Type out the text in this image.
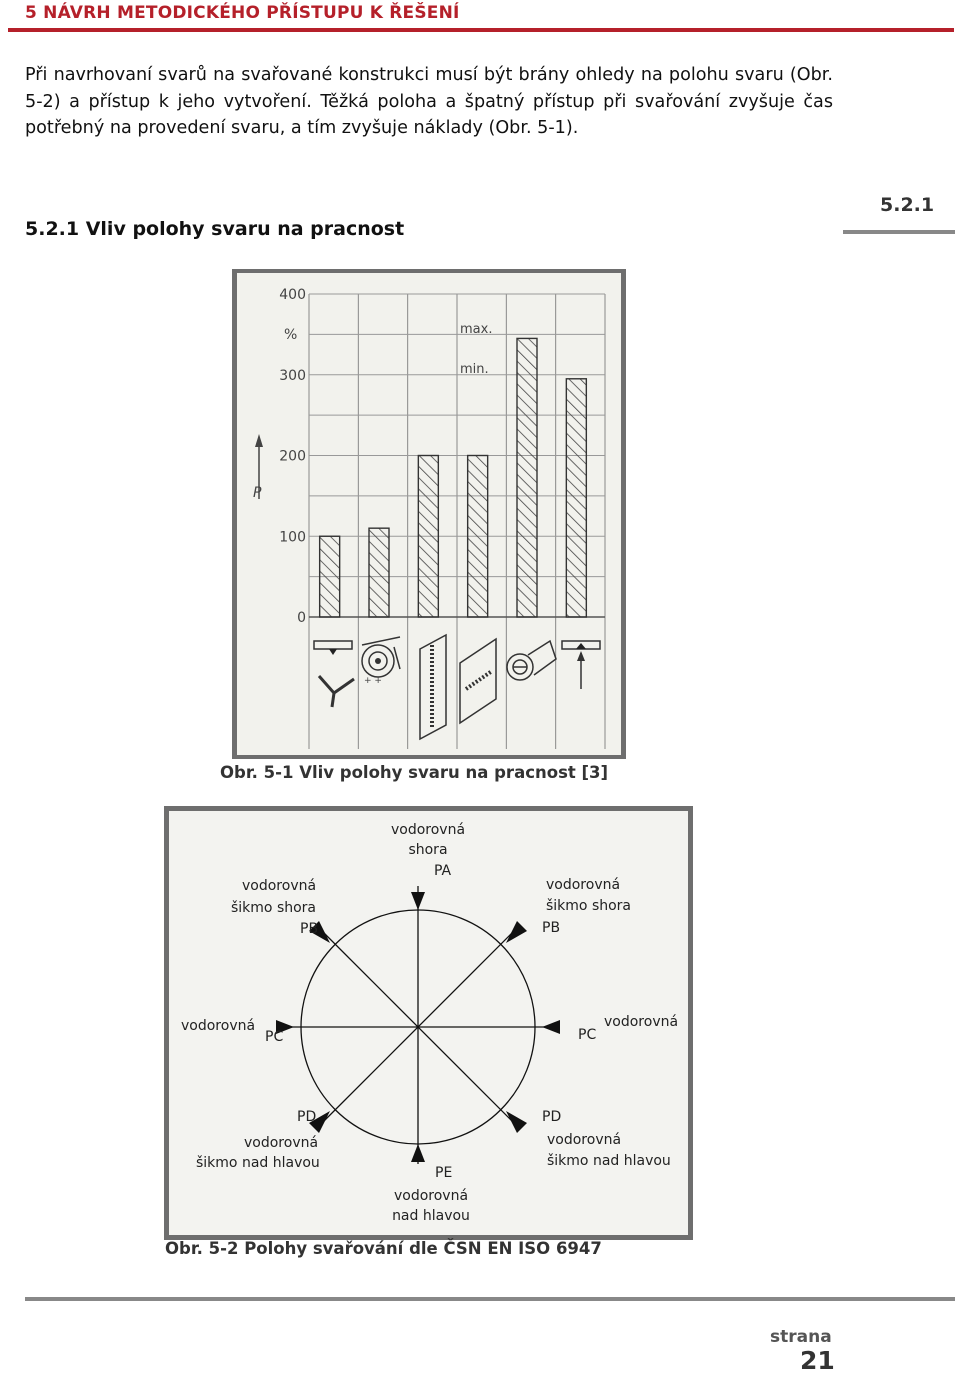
5 NÁVRH METODICKÉHO PŘÍSTUPU K ŘEŠENÍ

Při navrhovaní svarů na svařované konstrukci musí být brány ohledy na polohu svaru (Obr. 5-2) a přístup k jeho vytvoření. Těžká poloha a špatný přístup při svařování zvyšuje čas potřebný na provedení svaru, a tím zvyšuje náklady (Obr. 5-1).

5.2.1 Vliv polohy svaru na pracnost
5.2.1
0
100
200
300
400
%	max.
min.
P
+ +
Obr. 5-1 Vliv polohy svaru na pracnost [3]
vodorovná
shora
PA
vodorovná
šikmo shora
PB
vodorovná
šikmo shora
PB
vodorovná
PC
vodorovná
PC
PD
vodorovná
šikmo nad hlavou
PD
vodorovná
šikmo nad hlavou
PE
vodorovná
nad hlavou
Obr. 5-2 Polohy svařování dle ČSN EN ISO 6947
strana
21
